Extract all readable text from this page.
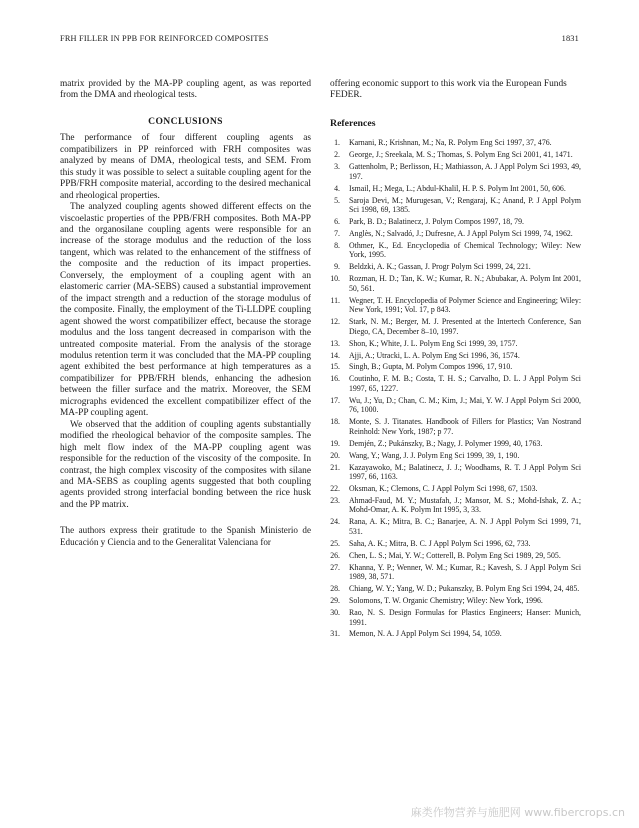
FRH FILLER IN PPB FOR REINFORCED COMPOSITES	1831

matrix provided by the MA-PP coupling agent, as was reported from the DMA and rheological tests.

CONCLUSIONS

The performance of four different coupling agents as compatibilizers in PP reinforced with FRH composites was analyzed by means of DMA, rheological tests, and SEM. From this study it was possible to select a suitable coupling agent for the PPB/FRH composite material, according to the desired mechanical and rheological properties.

The analyzed coupling agents showed different effects on the viscoelastic properties of the PPB/FRH composites. Both MA-PP and the organosilane coupling agents were responsible for an increase of the storage modulus and the reduction of the loss tangent, which was related to the enhancement of the stiffness of the composite and the reduction of its impact properties. Conversely, the employment of a coupling agent with an elastomeric carrier (MA-SEBS) caused a substantial improvement of the impact strength and a reduction of the storage modulus of the composite. Finally, the employment of the Ti-LLDPE coupling agent showed the worst compatibilizer effect, because the storage modulus and the loss tangent decreased in comparison with the untreated composite material. From the analysis of the storage modulus retention term it was concluded that the MA-PP coupling agent exhibited the best performance at high temperatures as a compatibilizer for PPB/FRH blends, enhancing the adhesion between the filler surface and the matrix. Moreover, the SEM micrographs evidenced the excellent compatibilizer effect of the MA-PP coupling agent.

We observed that the addition of coupling agents substantially modified the rheological behavior of the composite samples. The high melt flow index of the MA-PP coupling agent was responsible for the reduction of the viscosity of the composite. In contrast, the high complex viscosity of the composites with silane and MA-SEBS as coupling agents suggested that both coupling agents provided strong interfacial bonding between the rice husk and the PP matrix.

The authors express their gratitude to the Spanish Ministerio de Educación y Ciencia and to the Generalitat Valenciana for

offering economic support to this work via the European Funds FEDER.

References
1.	Karnani, R.; Krishnan, M.; Na, R. Polym Eng Sci 1997, 37, 476.
2.	George, J.; Sreekala, M. S.; Thomas, S. Polym Eng Sci 2001, 41, 1471.
3.	Gattenholm, P.; Berlisson, H.; Mathiasson, A. J Appl Polym Sci 1993, 49, 197.
4.	Ismail, H.; Mega, L.; Abdul-Khalil, H. P. S. Polym Int 2001, 50, 606.
5.	Saroja Devi, M.; Murugesan, V.; Rengaraj, K.; Anand, P. J Appl Polym Sci 1998, 69, 1385.
6.	Park, B. D.; Balatinecz, J. Polym Compos 1997, 18, 79.
7.	Anglès, N.; Salvadó, J.; Dufresne, A. J Appl Polym Sci 1999, 74, 1962.
8.	Othmer, K., Ed. Encyclopedia of Chemical Technology; Wiley: New York, 1995.
9.	Beldzki, A. K.; Gassan, J. Progr Polym Sci 1999, 24, 221.
10.	Rozman, H. D.; Tan, K. W.; Kumar, R. N.; Abubakar, A. Polym Int 2001, 50, 561.
11.	Wegner, T. H. Encyclopedia of Polymer Science and Engineering; Wiley: New York, 1991; Vol. 17, p 843.
12.	Stark, N. M.; Berger, M. J. Presented at the Intertech Conference, San Diego, CA, December 8–10, 1997.
13.	Shon, K.; White, J. L. Polym Eng Sci 1999, 39, 1757.
14.	Ajji, A.; Utracki, L. A. Polym Eng Sci 1996, 36, 1574.
15.	Singh, B.; Gupta, M. Polym Compos 1996, 17, 910.
16.	Coutinho, F. M. B.; Costa, T. H. S.; Carvalho, D. L. J Appl Polym Sci 1997, 65, 1227.
17.	Wu, J.; Yu, D.; Chan, C. M.; Kim, J.; Mai, Y. W. J Appl Polym Sci 2000, 76, 1000.
18.	Monte, S. J. Titanates. Handbook of Fillers for Plastics; Van Nostrand Reinhold: New York, 1987; p 77.
19.	Demjén, Z.; Pukánszky, B.; Nagy, J. Polymer 1999, 40, 1763.
20.	Wang, Y.; Wang, J. J. Polym Eng Sci 1999, 39, 1, 190.
21.	Kazayawoko, M.; Balatinecz, J. J.; Woodhams, R. T. J Appl Polym Sci 1997, 66, 1163.
22.	Oksman, K.; Clemons, C. J Appl Polym Sci 1998, 67, 1503.
23.	Ahmad-Faud, M. Y.; Mustafah, J.; Mansor, M. S.; Mohd-Ishak, Z. A.; Mohd-Omar, A. K. Polym Int 1995, 3, 33.
24.	Rana, A. K.; Mitra, B. C.; Banarjee, A. N. J Appl Polym Sci 1999, 71, 531.
25.	Saha, A. K.; Mitra, B. C. J Appl Polym Sci 1996, 62, 733.
26.	Chen, L. S.; Mai, Y. W.; Cotterell, B. Polym Eng Sci 1989, 29, 505.
27.	Khanna, Y. P.; Wenner, W. M.; Kumar, R.; Kavesh, S. J Appl Polym Sci 1989, 38, 571.
28.	Chiang, W. Y.; Yang, W. D.; Pukanszky, B. Polym Eng Sci 1994, 24, 485.
29.	Solomons, T. W. Organic Chemistry; Wiley: New York, 1996.
30.	Rao, N. S. Design Formulas for Plastics Engineers; Hanser: Munich, 1991.
31.	Memon, N. A. J Appl Polym Sci 1994, 54, 1059.
麻类作物营养与施肥网 www.fibercrops.cn
